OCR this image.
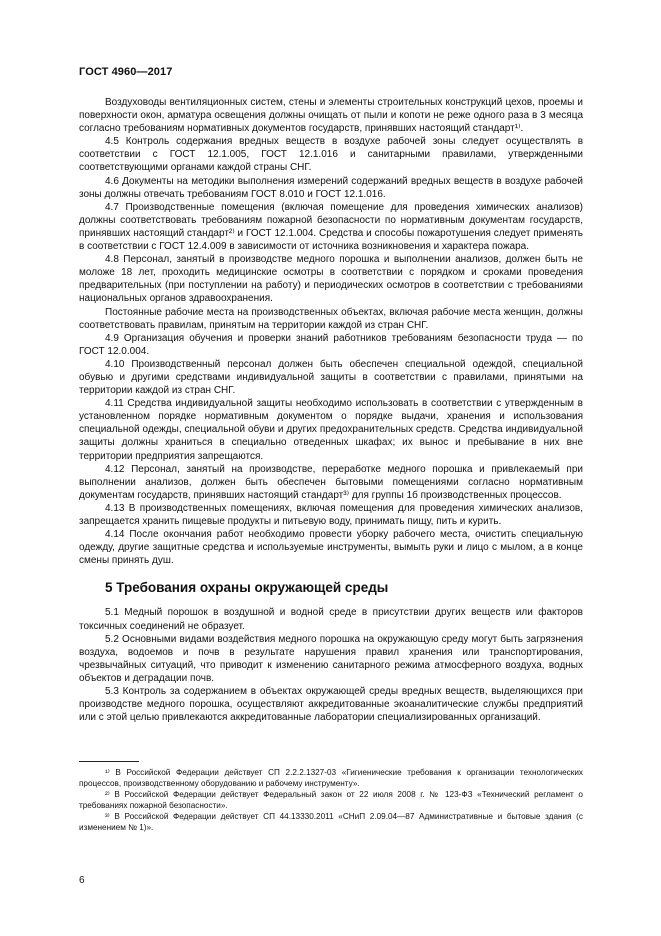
ГОСТ 4960—2017

Воздуховоды вентиляционных систем, стены и элементы строительных конструкций цехов, проемы и поверхности окон, арматура освещения должны очищать от пыли и копоти не реже одного раза в 3 месяца согласно требованиям нормативных документов государств, принявших настоящий стандарт¹⁾.

4.5 Контроль содержания вредных веществ в воздухе рабочей зоны следует осуществлять в соответствии с ГОСТ 12.1.005, ГОСТ 12.1.016 и санитарными правилами, утвержденными соответствующими органами каждой страны СНГ.

4.6 Документы на методики выполнения измерений содержаний вредных веществ в воздухе рабочей зоны должны отвечать требованиям ГОСТ 8.010 и ГОСТ 12.1.016.

4.7 Производственные помещения (включая помещение для проведения химических анализов) должны соответствовать требованиям пожарной безопасности по нормативным документам государств, принявших настоящий стандарт²⁾ и ГОСТ 12.1.004. Средства и способы пожаротушения следует применять в соответствии с ГОСТ 12.4.009 в зависимости от источника возникновения и характера пожара.

4.8 Персонал, занятый в производстве медного порошка и выполнении анализов, должен быть не моложе 18 лет, проходить медицинские осмотры в соответствии с порядком и сроками проведения предварительных (при поступлении на работу) и периодических осмотров в соответствии с требованиями национальных органов здравоохранения.

Постоянные рабочие места на производственных объектах, включая рабочие места женщин, должны соответствовать правилам, принятым на территории каждой из стран СНГ.

4.9 Организация обучения и проверки знаний работников требованиям безопасности труда — по ГОСТ 12.0.004.

4.10 Производственный персонал должен быть обеспечен специальной одеждой, специальной обувью и другими средствами индивидуальной защиты в соответствии с правилами, принятыми на территории каждой из стран СНГ.

4.11 Средства индивидуальной защиты необходимо использовать в соответствии с утвержденным в установленном порядке нормативным документом о порядке выдачи, хранения и использования специальной одежды, специальной обуви и других предохранительных средств. Средства индивидуальной защиты должны храниться в специально отведенных шкафах; их вынос и пребывание в них вне территории предприятия запрещаются.

4.12 Персонал, занятый на производстве, переработке медного порошка и привлекаемый при выполнении анализов, должен быть обеспечен бытовыми помещениями согласно нормативным документам государств, принявших настоящий стандарт³⁾ для группы 1б производственных процессов.

4.13 В производственных помещениях, включая помещения для проведения химических анализов, запрещается хранить пищевые продукты и питьевую воду, принимать пищу, пить и курить.

4.14 После окончания работ необходимо провести уборку рабочего места, очистить специальную одежду, другие защитные средства и используемые инструменты, вымыть руки и лицо с мылом, а в конце смены принять душ.

5 Требования охраны окружающей среды

5.1 Медный порошок в воздушной и водной среде в присутствии других веществ или факторов токсичных соединений не образует.

5.2 Основными видами воздействия медного порошка на окружающую среду могут быть загрязнения воздуха, водоемов и почв в результате нарушения правил хранения или транспортирования, чрезвычайных ситуаций, что приводит к изменению санитарного режима атмосферного воздуха, водных объектов и деградации почв.

5.3 Контроль за содержанием в объектах окружающей среды вредных веществ, выделяющихся при производстве медного порошка, осуществляют аккредитованные экоаналитические службы предприятий или с этой целью привлекаются аккредитованные лаборатории специализированных организаций.

¹⁾ В Российской Федерации действует СП 2.2.2.1327-03 «Гигиенические требования к организации технологических процессов, производственному оборудованию и рабочему инструменту».

²⁾ В Российской Федерации действует Федеральный закон от 22 июля 2008 г. № 123-ФЗ «Технический регламент о требованиях пожарной безопасности».

³⁾ В Российской Федерации действует СП 44.13330.2011 «СНиП 2.09.04—87 Административные и бытовые здания (с изменением № 1)».

6
